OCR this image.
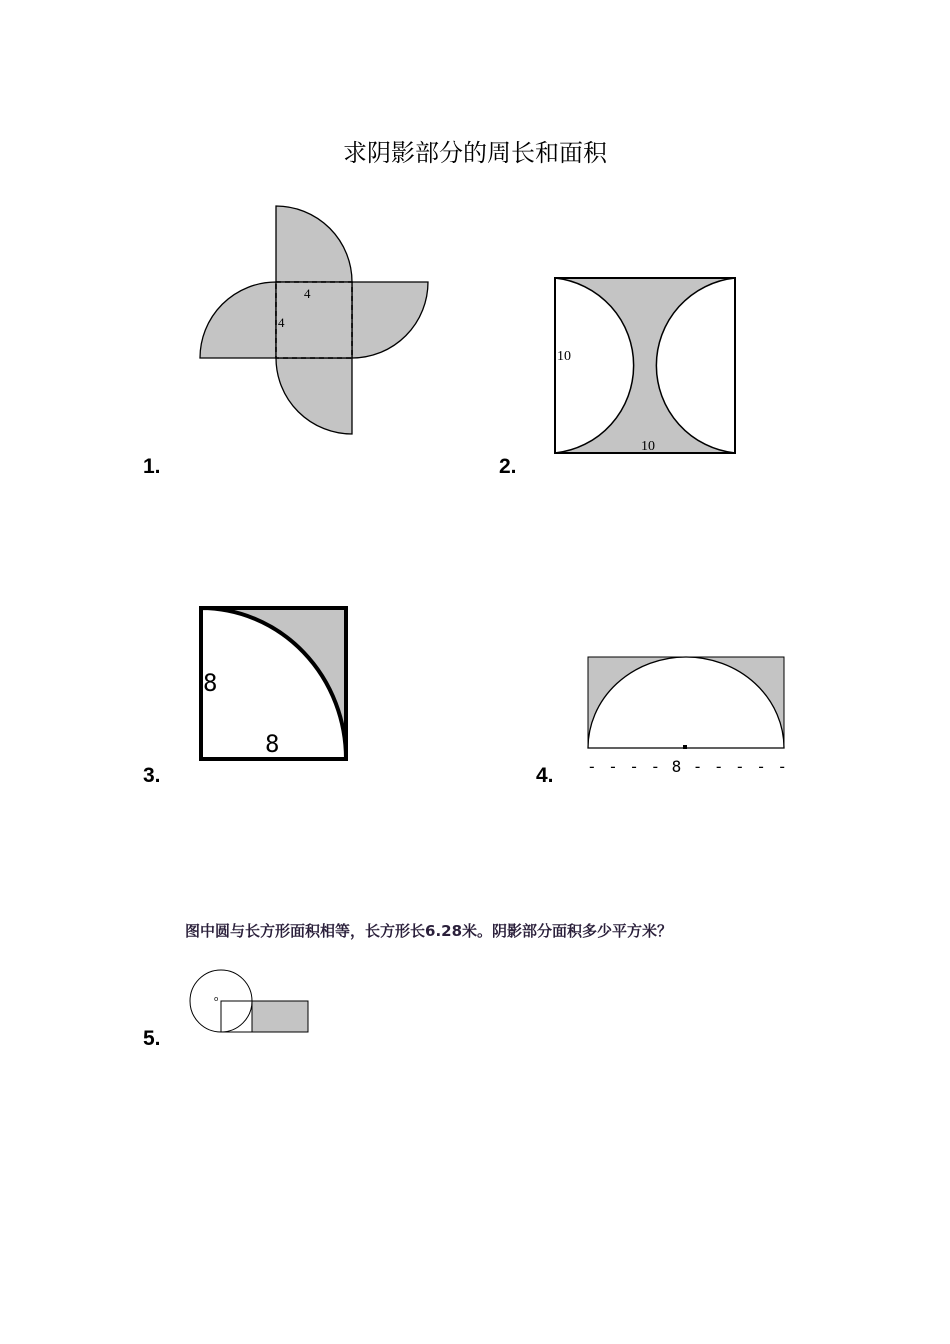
求阴影部分的周长和面积
1.
4
4
2.
10
10
3.
8
8
4. - - - - 8 - - - - -
图中圆与长方形面积相等，长方形长6.28米。阴影部分面积多少平方米？
5.
o
